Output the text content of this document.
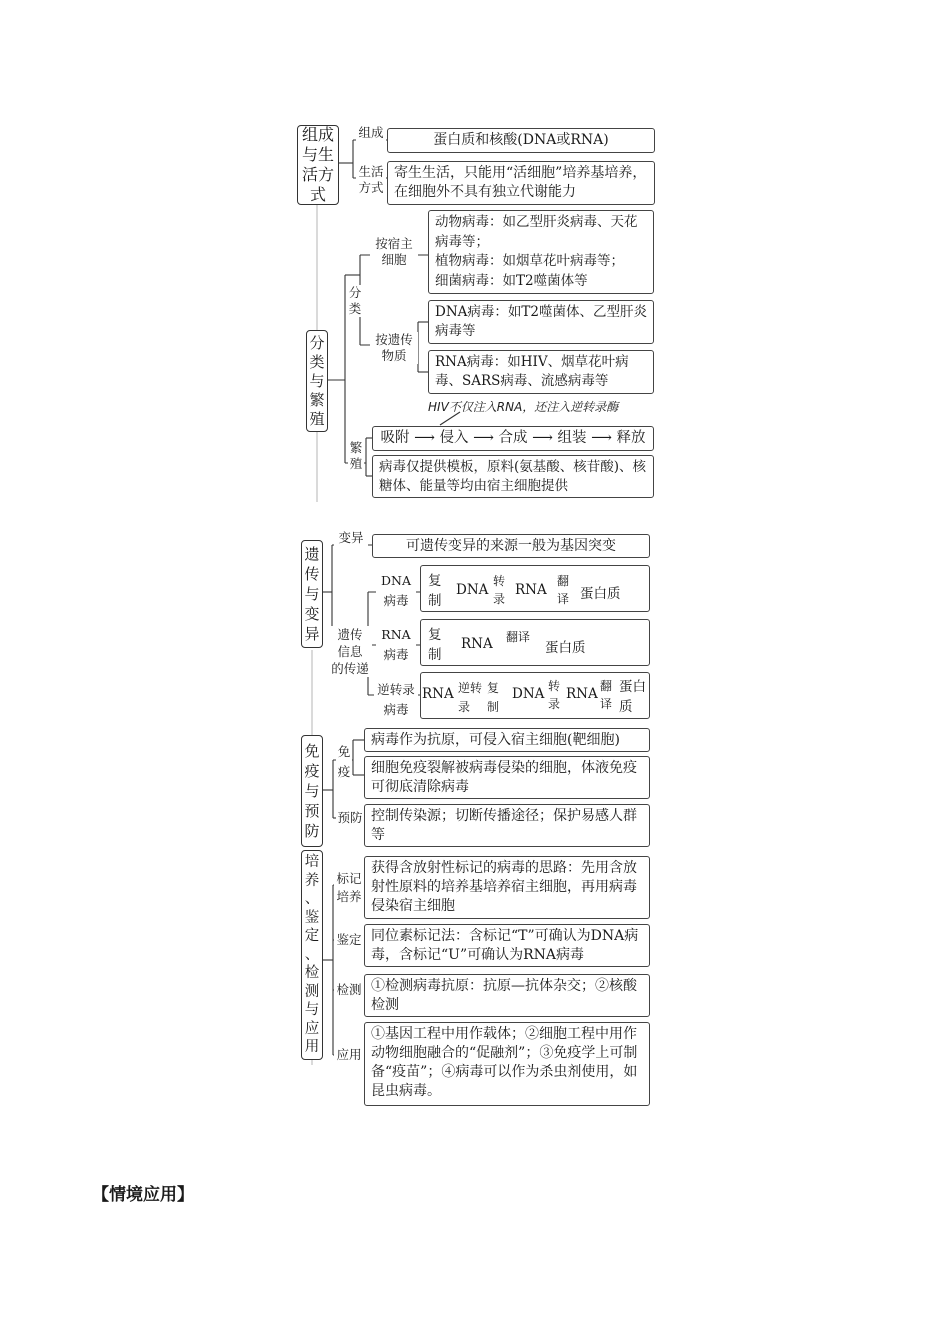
组成
与生
活方
式
组成	蛋白质和核酸(DNA或RNA)
生活
方式
寄生生活，只能用“活细胞”培养基培养，在细胞外不具有独立代谢能力
分
类
与
繁
殖
分
类
按宿主
细胞
动物病毒：如乙型肝炎病毒、天花病毒等；
植物病毒：如烟草花叶病毒等；
细菌病毒：如T2噬菌体等
按遗传
物质
DNA病毒：如T2噬菌体、乙型肝炎病毒等
RNA病毒：如HIV、烟草花叶病毒、SARS病毒、流感病毒等
HIV不仅注入RNA，还注入逆转录酶
繁
殖
吸附 ⟶ 侵入 ⟶ 合成 ⟶ 组装 ⟶ 释放
病毒仅提供模板，原料(氨基酸、核苷酸)、核糖体、能量等均由宿主细胞提供
遗
传
与
变
异
变异	可遗传变异的来源一般为基因突变
遗传
信息
的传递
DNA
病毒
复
制
DNA
转
录
RNA
翻
译 蛋白质
RNA
病毒
复
制
RNA 翻译
蛋白质
逆转录
病毒
RNA 逆转
录
复
制
DNA 转
录
RNA 翻
译
蛋白
质
免
疫
与
预
防
免
疫
病毒作为抗原，可侵入宿主细胞(靶细胞)
细胞免疫裂解被病毒侵染的细胞，体液免疫可彻底清除病毒
预防 控制传染源；切断传播途径；保护易感人群等
培
养
、
鉴
定
、
检
测
与
应
用
标记
培养
获得含放射性标记的病毒的思路：先用含放射性原料的培养基培养宿主细胞，再用病毒侵染宿主细胞
鉴定 同位素标记法：含标记“T”可确认为DNA病毒，含标记“U”可确认为RNA病毒
检测 ①检测病毒抗原：抗原—抗体杂交；②核酸检测
应用
①基因工程中用作载体；②细胞工程中用作动物细胞融合的“促融剂”；③免疫学上可制备“疫苗”；④病毒可以作为杀虫剂使用，如昆虫病毒。
【情境应用】
